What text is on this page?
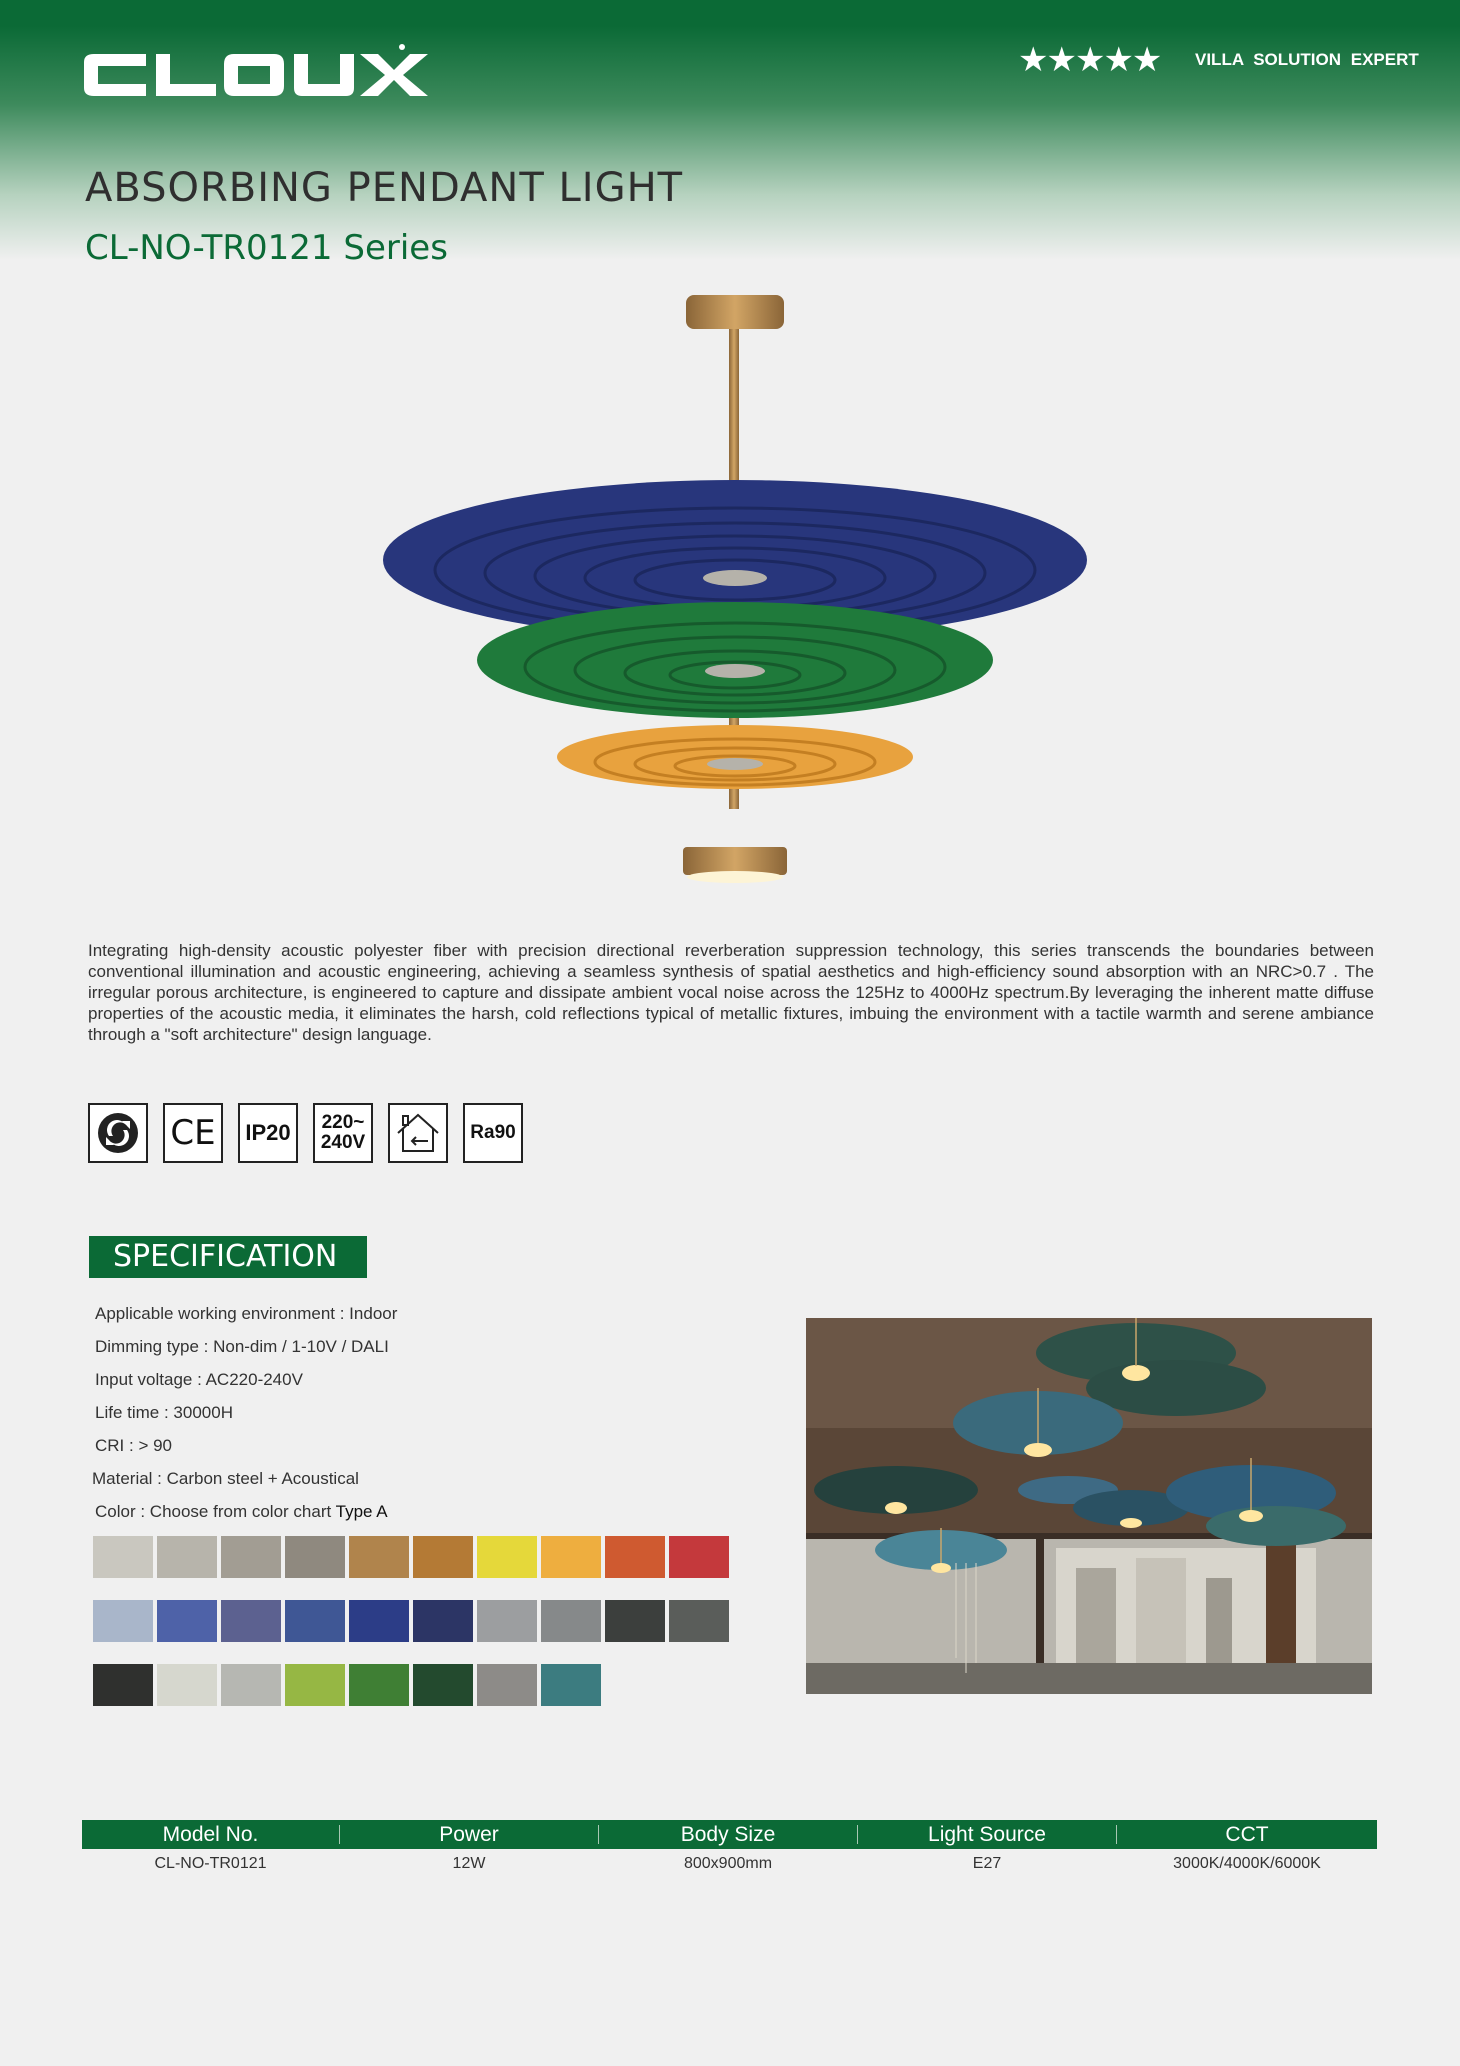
★★★★★ VILLA SOLUTION EXPERT
ABSORBING PENDANT LIGHT
CL-NO-TR0121 Series
Integrating high-density acoustic polyester fiber with precision directional reverberation suppression technology, this series transcends the boundaries between conventional illumination and acoustic engineering, achieving a seamless synthesis of spatial aesthetics and high-efficiency sound absorption with an NRC>0.7 . The irregular porous architecture, is engineered to capture and dissipate ambient vocal noise across the 125Hz to 4000Hz spectrum.By leveraging the inherent matte diffuse properties of the acoustic media, it eliminates the harsh, cold reflections typical of metallic fixtures, imbuing the environment with a tactile warmth and serene ambiance through a "soft architecture" design language.
CE	IP20	220~
240V	Ra90
SPECIFICATION
Applicable working environment : Indoor
Dimming type : Non-dim / 1-10V / DALI
Input voltage : AC220-240V
Life time : 30000H
CRI : > 90
Material : Carbon steel + Acoustical
Color : Choose from color chart Type A
Model No.	Power	Body Size	Light Source	CCT
CL-NO-TR0121	12W	800x900mm	E27	3000K/4000K/6000K
